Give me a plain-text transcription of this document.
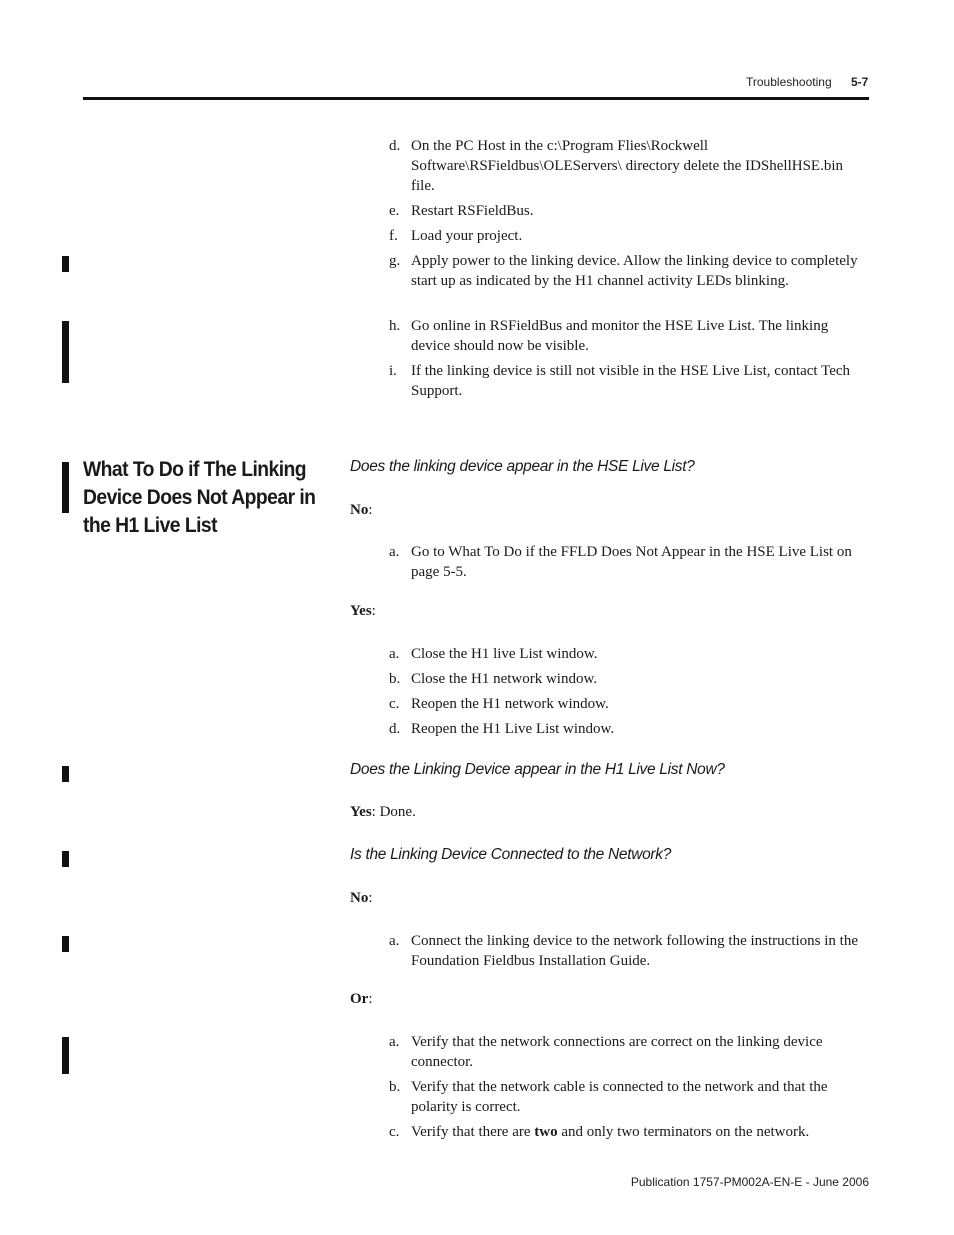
Troubleshooting 5-7
d. On the PC Host in the c:\Program Flies\Rockwell Software\RSFieldbus\OLEServers\ directory delete the IDShellHSE.bin file.
e. Restart RSFieldBus.
f. Load your project.
g. Apply power to the linking device. Allow the linking device to completely start up as indicated by the H1 channel activity LEDs blinking.
h. Go online in RSFieldBus and monitor the HSE Live List. The linking device should now be visible.
i. If the linking device is still not visible in the HSE Live List, contact Tech Support.
What To Do if The Linking Device Does Not Appear in the H1 Live List
Does the linking device appear in the HSE Live List?
No:
a. Go to What To Do if the FFLD Does Not Appear in the HSE Live List on page 5-5.
Yes:
a. Close the H1 live List window.
b. Close the H1 network window.
c. Reopen the H1 network window.
d. Reopen the H1 Live List window.
Does the Linking Device appear in the H1 Live List Now?
Yes: Done.
Is the Linking Device Connected to the Network?
No:
a. Connect the linking device to the network following the instructions in the Foundation Fieldbus Installation Guide.
Or:
a. Verify that the network connections are correct on the linking device connector.
b. Verify that the network cable is connected to the network and that the polarity is correct.
c. Verify that there are two and only two terminators on the network.
Publication 1757-PM002A-EN-E - June 2006
